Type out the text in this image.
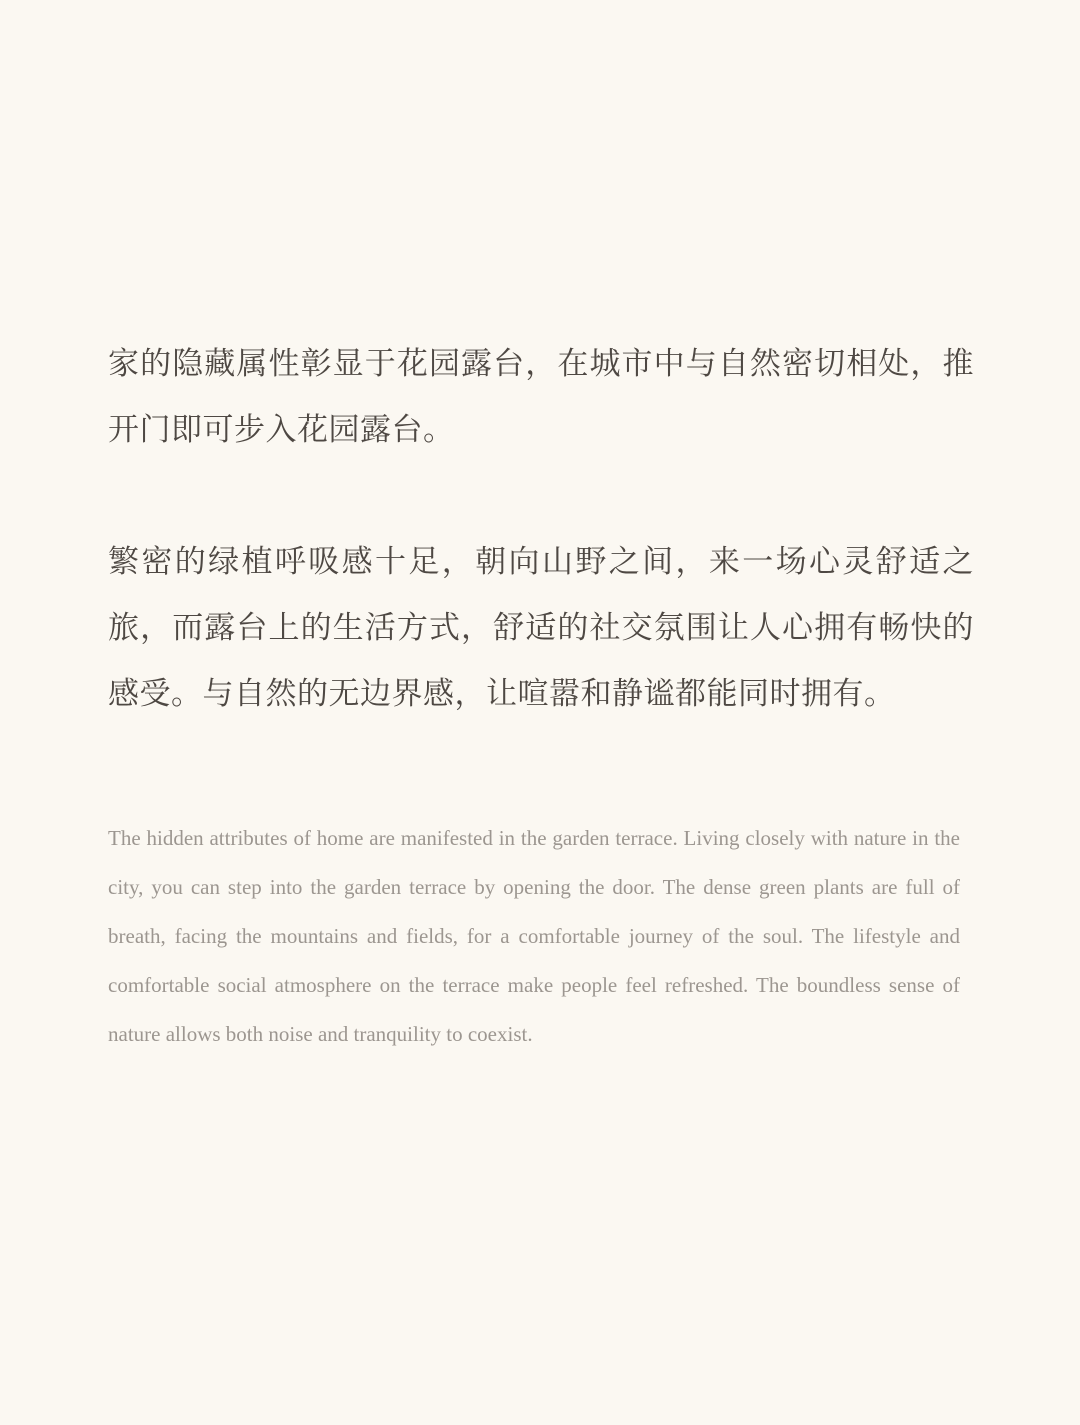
家的隐藏属性彰显于花园露台，在城市中与自然密切相处，推开门即可步入花园露台。

繁密的绿植呼吸感十足，朝向山野之间，来一场心灵舒适之旅，而露台上的生活方式，舒适的社交氛围让人心拥有畅快的感受。与自然的无边界感，让喧嚣和静谧都能同时拥有。

The hidden attributes of home are manifested in the garden terrace. Living closely with nature in the city, you can step into the garden terrace by opening the door. The dense green plants are full of breath, facing the mountains and fields, for a comfortable journey of the soul. The lifestyle and comfortable social atmosphere on the terrace make people feel refreshed. The boundless sense of nature allows both noise and tranquility to coexist.
